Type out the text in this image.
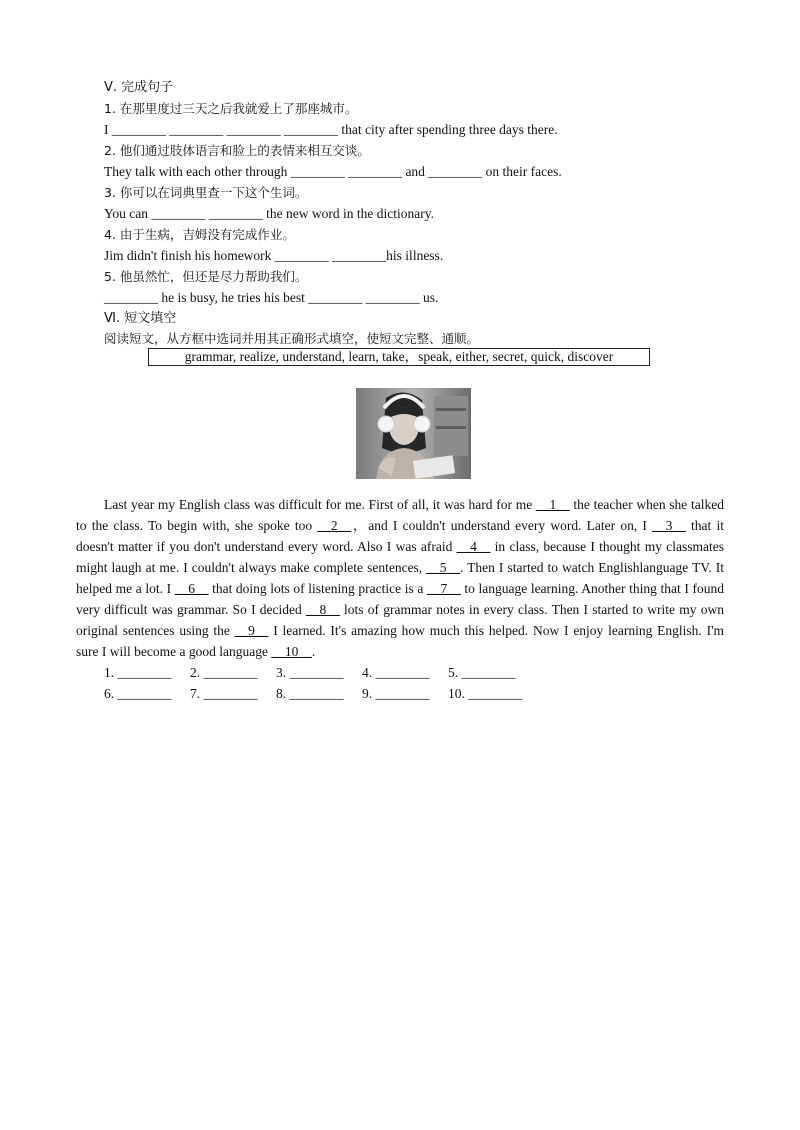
Ⅴ. 完成句子
1. 在那里度过三天之后我就爱上了那座城市。
I ________ ________ ________ ________ that city after spending three days there.
2. 他们通过肢体语言和脸上的表情来相互交谈。
They talk with each other through ________ ________ and ________ on their faces.
3. 你可以在词典里查一下这个生词。
You can ________ ________ the new word in the dictionary.
4. 由于生病，吉姆没有完成作业。
Jim didn't finish his homework ________ ________his illness.
5. 他虽然忙，但还是尽力帮助我们。
________ he is busy, he tries his best ________ ________ us.
Ⅵ. 短文填空
阅读短文，从方框中选词并用其正确形式填空，使短文完整、通顺。
grammar, realize, understand, learn, take，speak, either, secret, quick, discover

Last year my English class was difficult for me. First of all, it was hard for me __1__ the teacher when she talked to the class. To begin with, she spoke too __2__，and I couldn't understand every word. Later on, I __3__ that it doesn't matter if you don't understand every word. Also I was afraid __4__ in class, because I thought my classmates might laugh at me. I couldn't always make complete sentences, __5__. Then I started to watch Englishlanguage TV. It helped me a lot. I __6__ that doing lots of listening practice is a __7__ to language learning. Another thing that I found very difficult was grammar. So I decided __8__ lots of grammar notes in every class. Then I started to write my own original sentences using the __9__ I learned. It's amazing how much this helped. Now I enjoy learning English. I'm sure I will become a good language __10__.

1. ________ 2. ________ 3. ________ 4. ________ 5. ________
6. ________ 7. ________ 8. ________ 9. ________ 10. ________
